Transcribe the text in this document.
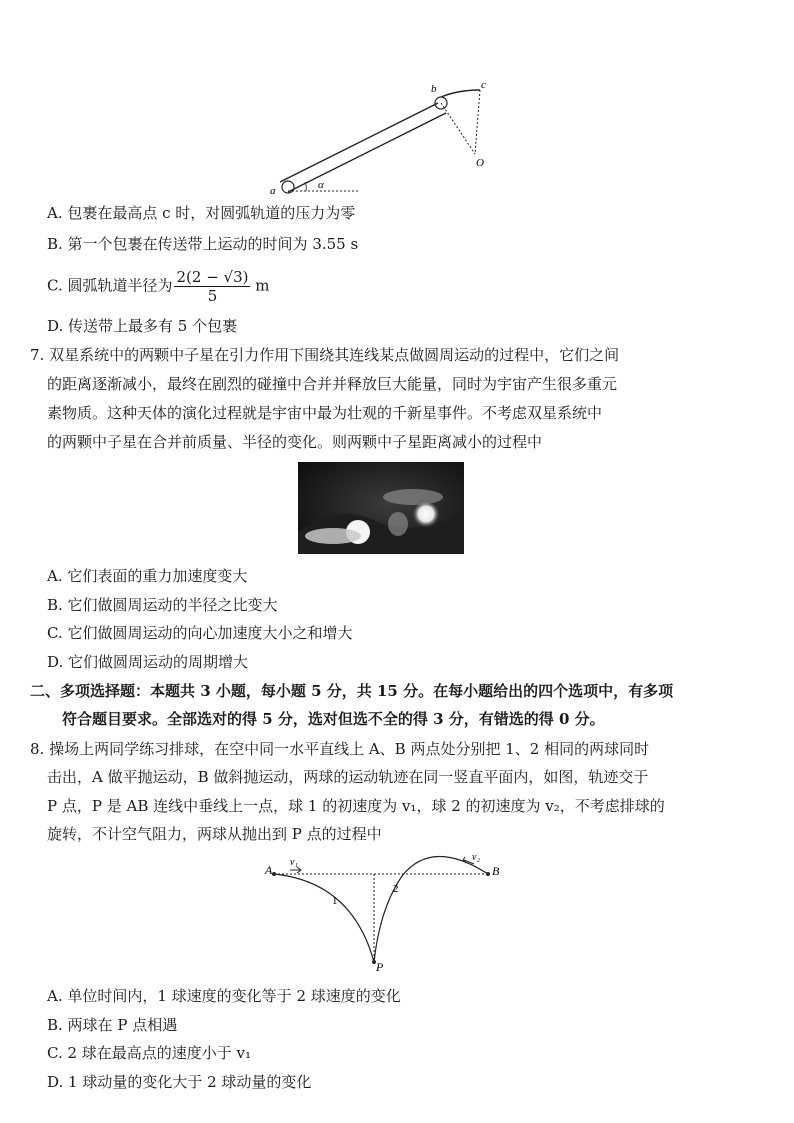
a
b	c
O
α
A. 包裹在最高点 c 时，对圆弧轨道的压力为零
B. 第一个包裹在传送带上运动的时间为 3.55 s
C. 圆弧轨道半径为 $\frac{2(2 - √3)}{5}$ m
D. 传送带上最多有 5 个包裹
7. 双星系统中的两颗中子星在引力作用下围绕其连线某点做圆周运动的过程中，它们之间
的距离逐渐减小，最终在剧烈的碰撞中合并并释放巨大能量，同时为宇宙产生很多重元
素物质。这种天体的演化过程就是宇宙中最为壮观的千新星事件。不考虑双星系统中
的两颗中子星在合并前质量、半径的变化。则两颗中子星距离减小的过程中
A. 它们表面的重力加速度变大
B. 它们做圆周运动的半径之比变大
C. 它们做圆周运动的向心加速度大小之和增大
D. 它们做圆周运动的周期增大
二、多项选择题：本题共 3 小题，每小题 5 分，共 15 分。在每小题给出的四个选项中，有多项
符合题目要求。全部选对的得 5 分，选对但选不全的得 3 分，有错选的得 0 分。
8. 操场上两同学练习排球，在空中同一水平直线上 A、B 两点处分别把 1、2 相同的两球同时
击出，A 做平抛运动，B 做斜抛运动，两球的运动轨迹在同一竖直平面内，如图，轨迹交于
P 点，P 是 AB 连线中垂线上一点，球 1 的初速度为 v₁，球 2 的初速度为 v₂，不考虑排球的
旋转，不计空气阻力，两球从抛出到 P 点的过程中
A	B
P
1
2
v₁	v₂
A. 单位时间内，1 球速度的变化等于 2 球速度的变化
B. 两球在 P 点相遇
C. 2 球在最高点的速度小于 v₁
D. 1 球动量的变化大于 2 球动量的变化
